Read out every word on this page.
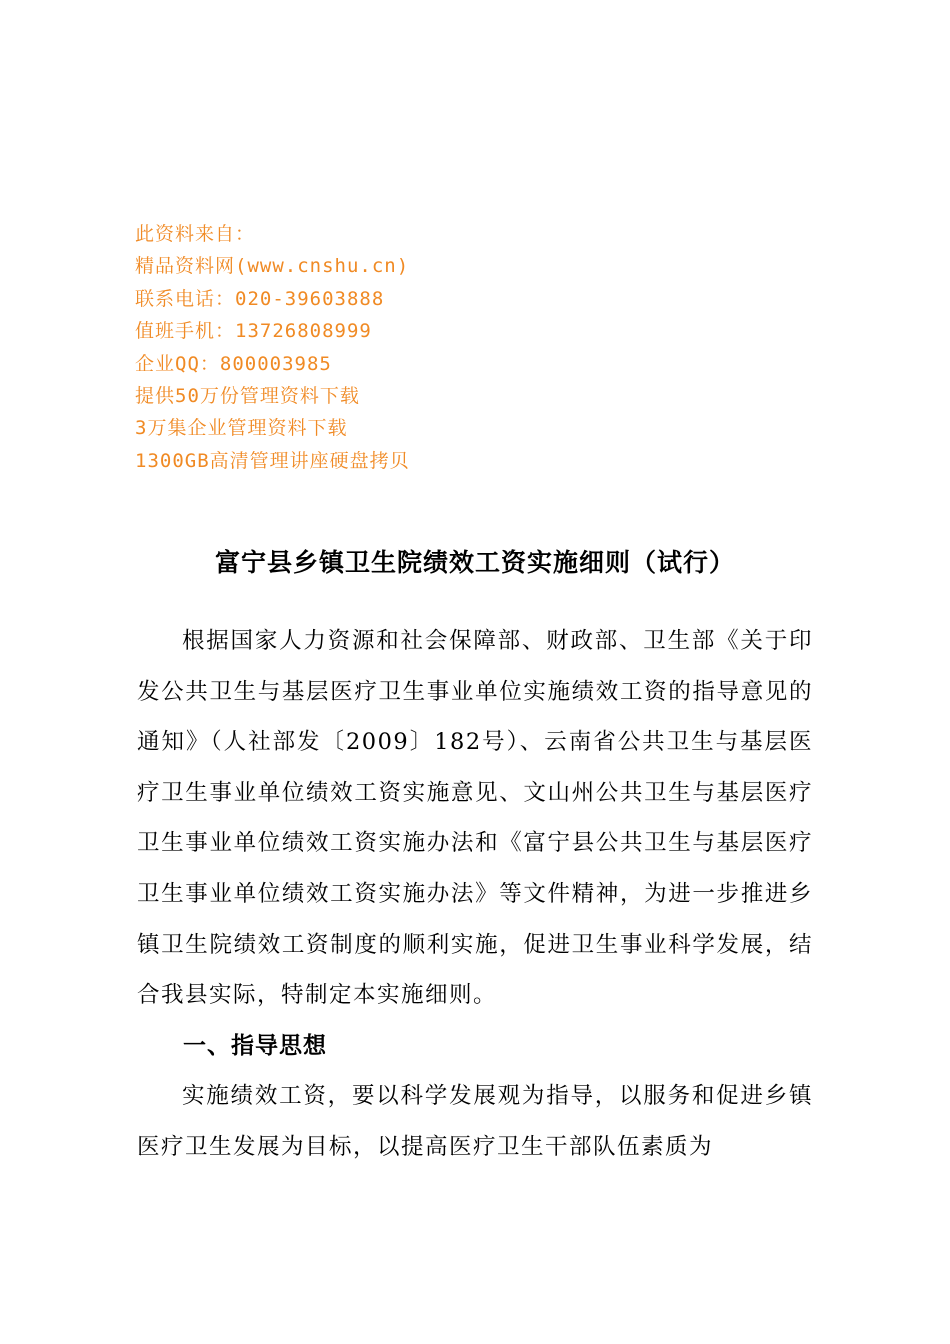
此资料来自：
精品资料网(www.cnshu.cn)
联系电话：020-39603888
值班手机：13726808999
企业QQ：800003985
提供50万份管理资料下载
3万集企业管理资料下载
1300GB高清管理讲座硬盘拷贝
富宁县乡镇卫生院绩效工资实施细则（试行）

根据国家人力资源和社会保障部、财政部、卫生部《关于印发公共卫生与基层医疗卫生事业单位实施绩效工资的指导意见的通知》（人社部发〔2009〕182号）、云南省公共卫生与基层医疗卫生事业单位绩效工资实施意见、文山州公共卫生与基层医疗卫生事业单位绩效工资实施办法和《富宁县公共卫生与基层医疗卫生事业单位绩效工资实施办法》等文件精神，为进一步推进乡镇卫生院绩效工资制度的顺利实施，促进卫生事业科学发展，结合我县实际，特制定本实施细则。

一、指导思想

实施绩效工资，要以科学发展观为指导，以服务和促进乡镇医疗卫生发展为目标，以提高医疗卫生干部队伍素质为
